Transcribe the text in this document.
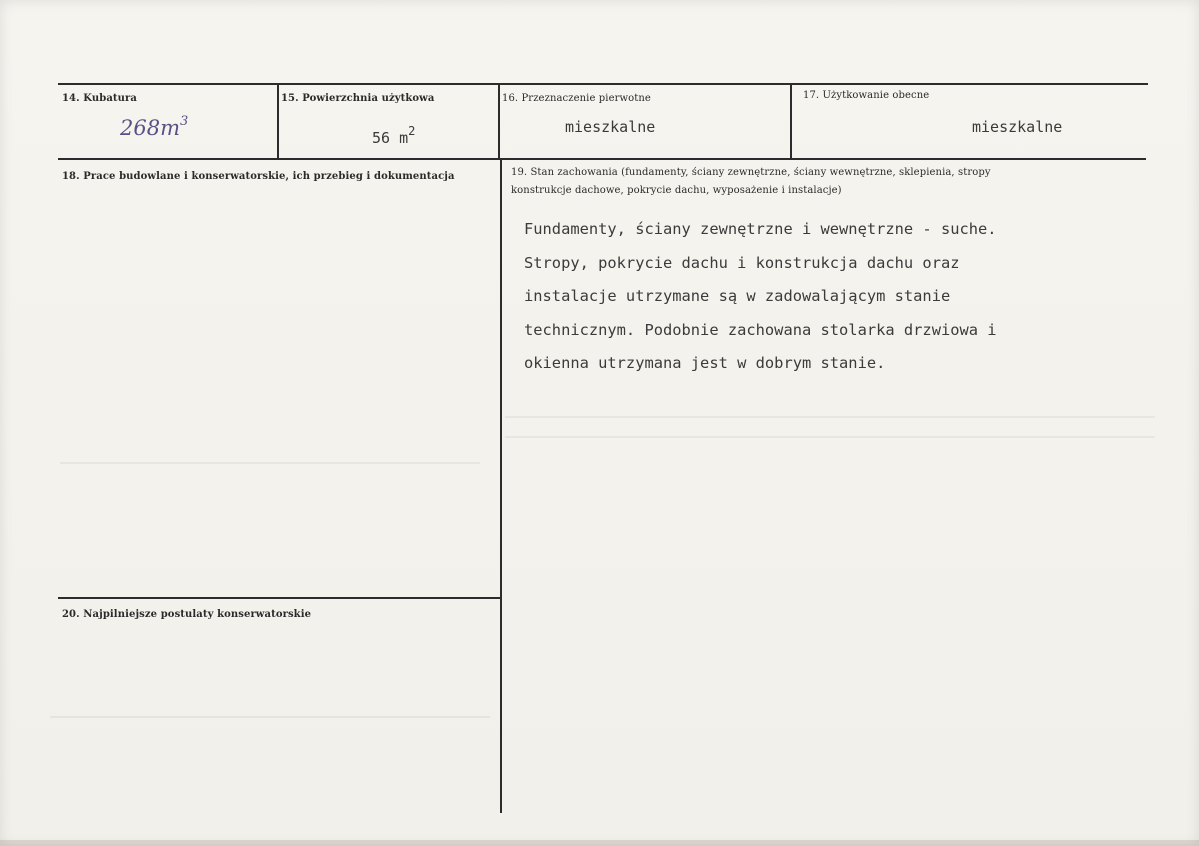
14. Kubatura
$268m^3$
15. Powierzchnia użytkowa
56 $m^2$
16. Przeznaczenie pierwotne
mieszkalne
17. Użytkowanie obecne
mieszkalne
18. Prace budowlane i konserwatorskie, ich przebieg i dokumentacja	19. Stan zachowania (fundamenty, ściany zewnętrzne, ściany wewnętrzne, sklepienia, stropy
konstrukcje dachowe, pokrycie dachu, wyposażenie i instalacje)
Fundamenty, ściany zewnętrzne i wewnętrzne - suche.
Stropy, pokrycie dachu i konstrukcja dachu oraz
instalacje utrzymane są w zadowalającym stanie
technicznym. Podobnie zachowana stolarka drzwiowa i
okienna utrzymana jest w dobrym stanie.
20. Najpilniejsze postulaty konserwatorskie
